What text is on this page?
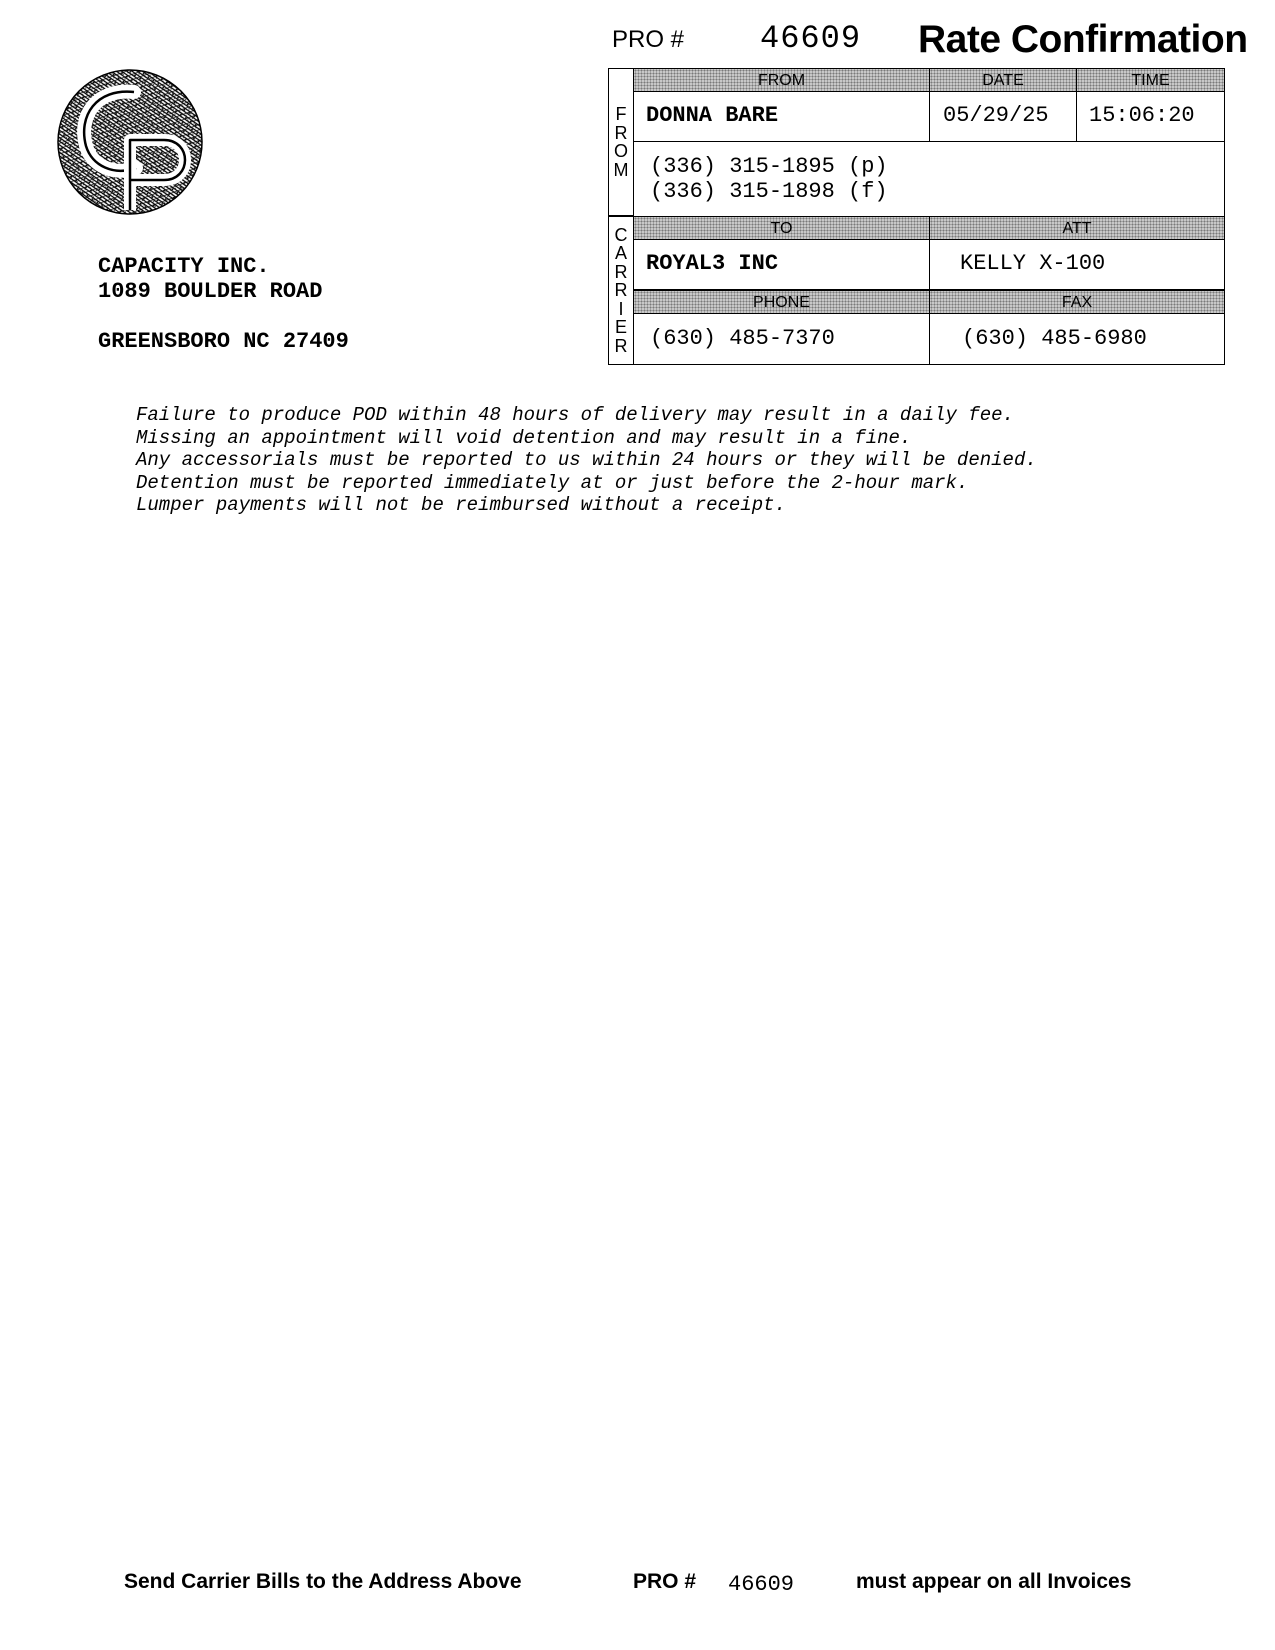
PRO # 46609 Rate Confirmation
CAPACITY INC.
1089 BOULDER ROAD
GREENSBORO NC 27409
F
R
O
M
FROM	DATE	TIME
DONNA BARE	05/29/25 15:06:20
(336) 315-1895 (p)
(336) 315-1898 (f)
C
A
R
R
I
E
R
TO	ATT
ROYAL3 INC	KELLY X-100
PHONE	FAX
(630) 485-7370	(630) 485-6980
Failure to produce POD within 48 hours of delivery may result in a daily fee.
Missing an appointment will void detention and may result in a fine.
Any accessorials must be reported to us within 24 hours or they will be denied.
Detention must be reported immediately at or just before the 2-hour mark.
Lumper payments will not be reimbursed without a receipt.
Send Carrier Bills to the Address Above	PRO # 46609	must appear on all Invoices
